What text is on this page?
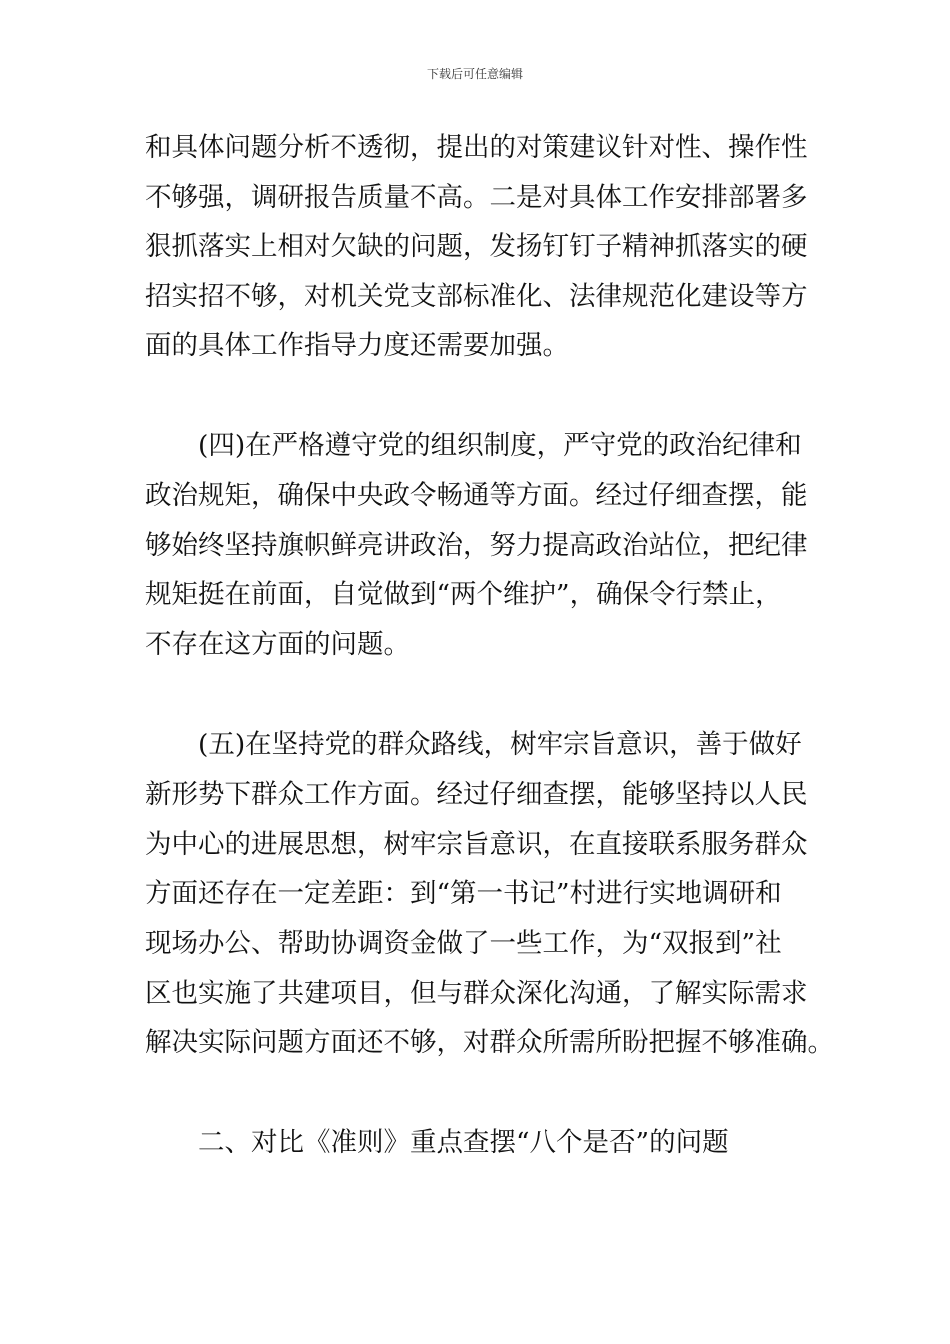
下载后可任意编辑
和具体问题分析不透彻，提出的对策建议针对性、操作性
不够强，调研报告质量不高。二是对具体工作安排部署多
狠抓落实上相对欠缺的问题，发扬钉钉子精神抓落实的硬
招实招不够，对机关党支部标准化、法律规范化建设等方
面的具体工作指导力度还需要加强。
(四)在严格遵守党的组织制度，严守党的政治纪律和
政治规矩，确保中央政令畅通等方面。经过仔细查摆，能
够始终坚持旗帜鲜亮讲政治，努力提高政治站位，把纪律
规矩挺在前面，自觉做到“两个维护”，确保令行禁止，
不存在这方面的问题。
(五)在坚持党的群众路线，树牢宗旨意识，善于做好
新形势下群众工作方面。经过仔细查摆，能够坚持以人民
为中心的进展思想，树牢宗旨意识，在直接联系服务群众
方面还存在一定差距：到“第一书记”村进行实地调研和
现场办公、帮助协调资金做了一些工作，为“双报到”社
区也实施了共建项目，但与群众深化沟通，了解实际需求
解决实际问题方面还不够，对群众所需所盼把握不够准确。
二、对比《准则》重点查摆“八个是否”的问题
